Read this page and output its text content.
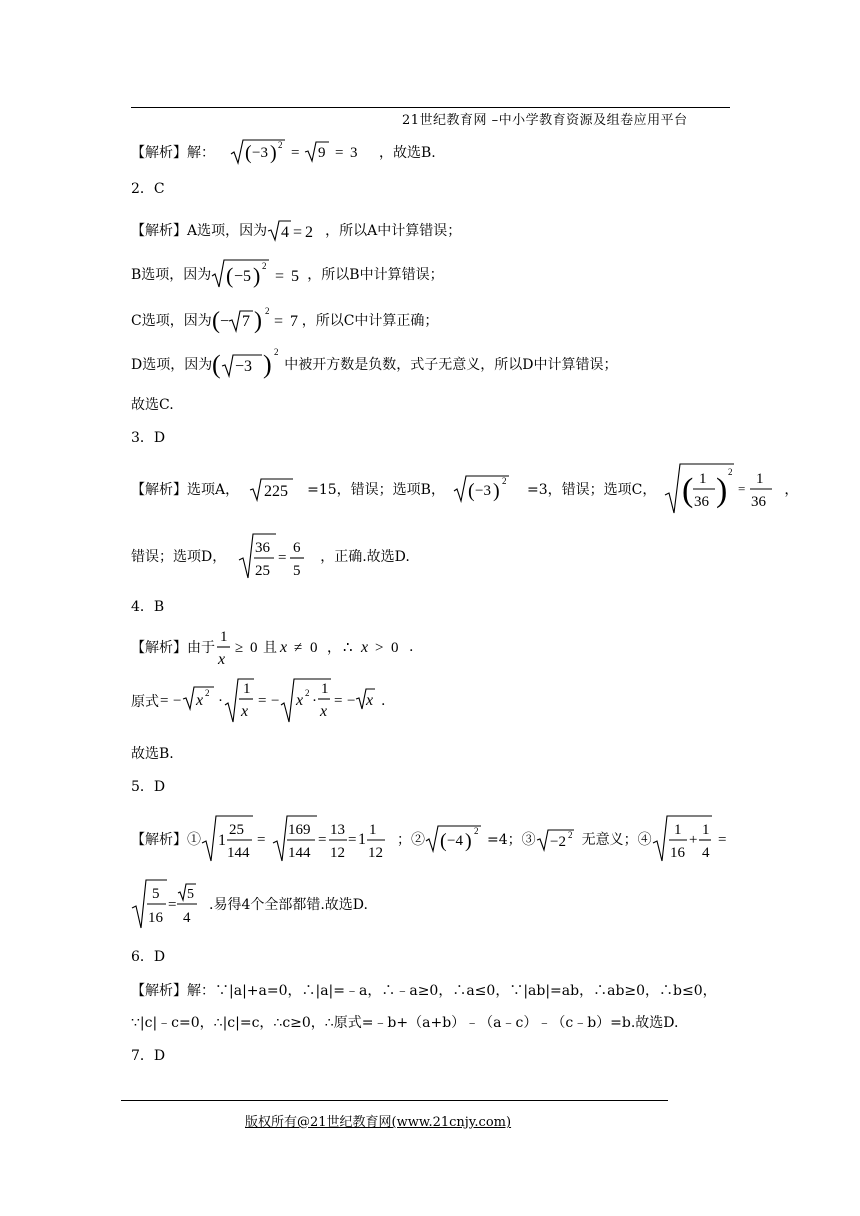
21世纪教育网 –中小学教育资源及组卷应用平台
【解析】解： ( −3 ) 2 = 9 = 3 ，故选B.
2．C
【解析】A选项，因为 4 = 2 ，所以A中计算错误；
B选项，因为 ( −5 ) 2
= 5 ，所以B中计算错误；
C选项，因为 ( − 7 ) 2
= 7 ，所以C中计算正确；
D选项，因为 ( −3 ) 2
中被开方数是负数，式子无意义，所以D中计算错误；
故选C.
3．D
【解析】选项A， 225 =15，错误；选项B， ( −3 ) 2
=3，错误；选项C， ( 1
36 ) 2
=
1
36
，
错误；选项D，
36
25
=
6
5
，正确.故选D.
4．B
【解析】由于
1
x
≥ 0 且 x ≠ 0 ， ∴ x > 0 .
原式 = − x 2 ·
1
x
= − x 2 ·
1
x
= − x .
故选B.
5．D
【解析】① 1
25
144
=
169
144
=
13
12
= 1
1
12
；② ( −4 ) 2
=4；③ −2 2 无意义；④
1
16
+
1
4
=
5
16
=
5
4
.易得4个全部都错.故选D.
6．D
【解析】解：∵|a|+a=0，∴|a|=﹣a，∴﹣a≥0，∴a≤0，∵|ab|=ab，∴ab≥0，∴b≤0，
∵|c|﹣c=0，∴|c|=c，∴c≥0，∴原式=﹣b+（a+b）﹣（a﹣c）﹣（c﹣b）=b.故选D.
7．D
版权所有@21世纪教育网(www.21cnjy.com)
